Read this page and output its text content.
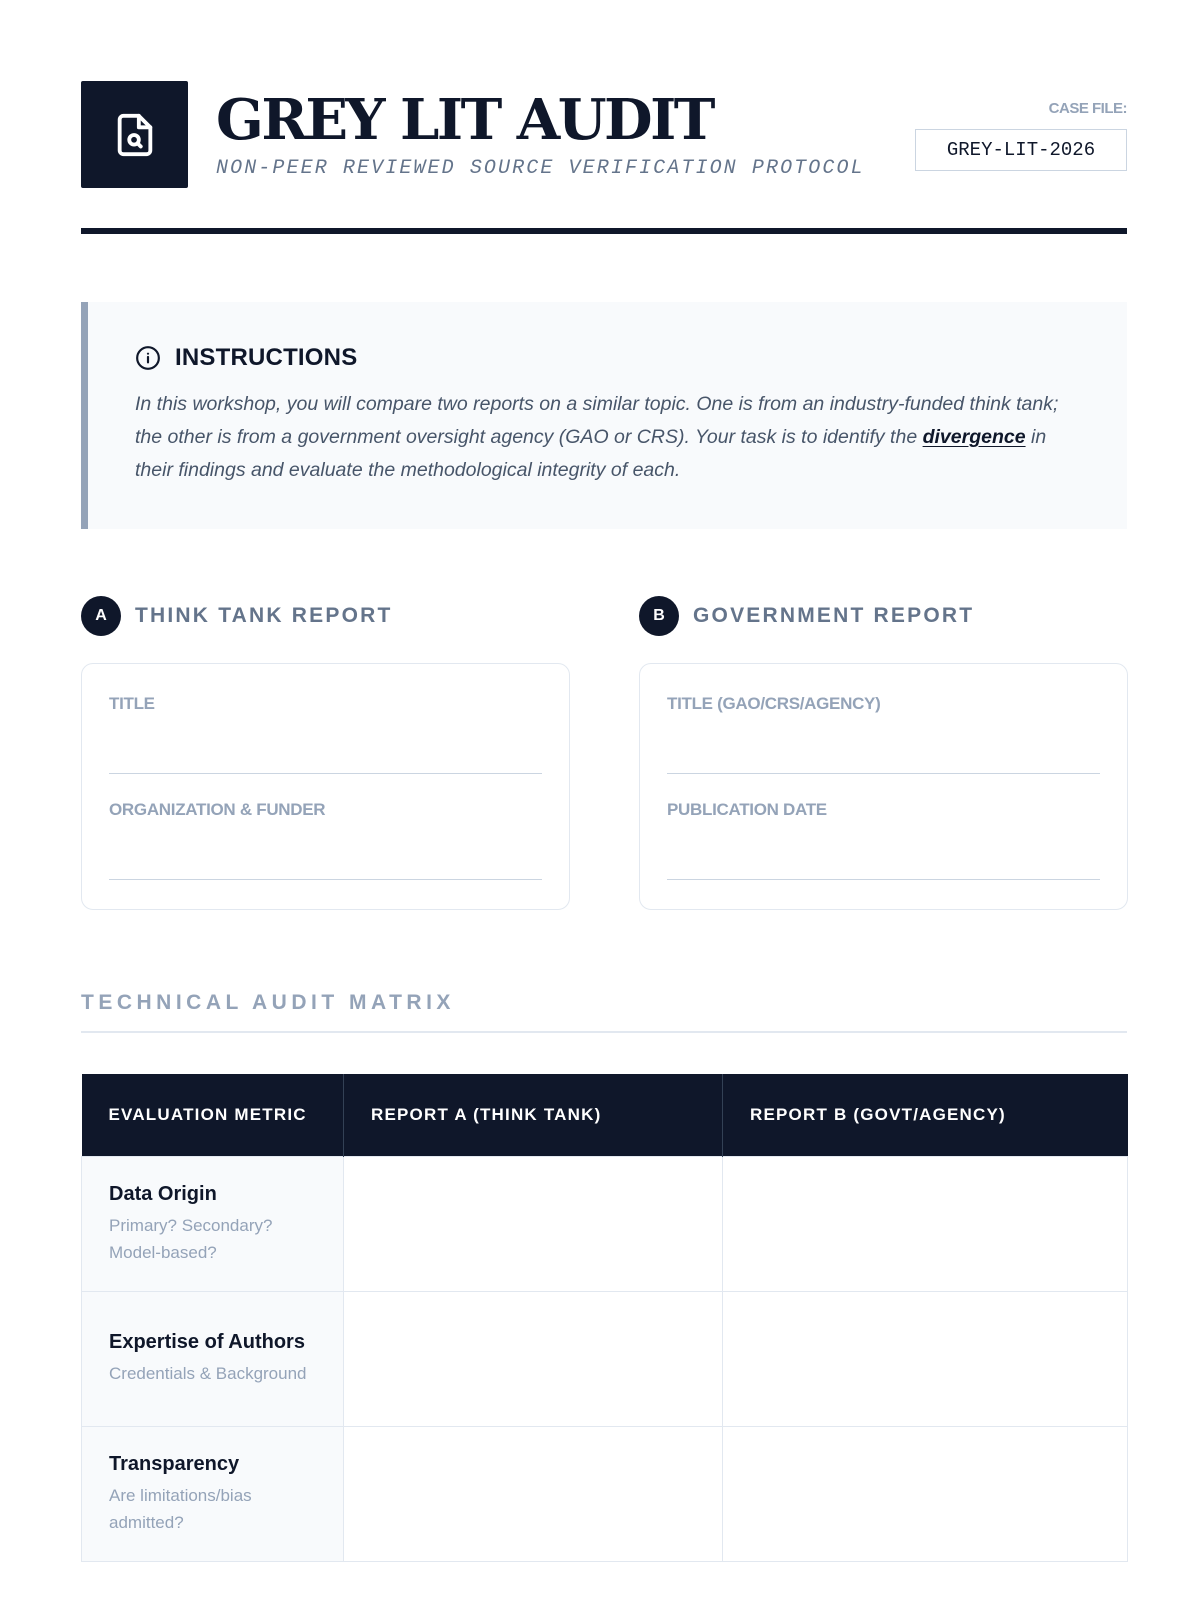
GREY LIT AUDIT
NON-PEER REVIEWED SOURCE VERIFICATION PROTOCOL
CASE FILE:
GREY-LIT-2026
INSTRUCTIONS

In this workshop, you will compare two reports on a similar topic. One is from an industry-funded think tank; the other is from a government oversight agency (GAO or CRS). Your task is to identify the divergence in their findings and evaluate the methodological integrity of each.

A	THINK TANK REPORT
TITLE
ORGANIZATION & FUNDER
B	GOVERNMENT REPORT
TITLE (GAO/CRS/AGENCY)
PUBLICATION DATE
TECHNICAL AUDIT MATRIX
EVALUATION METRIC	REPORT A (THINK TANK)	REPORT B (GOVT/AGENCY)

Data Origin
Primary? Secondary? Model-based?		

Expertise of Authors
Credentials & Background		

Transparency
Are limitations/bias admitted?		
